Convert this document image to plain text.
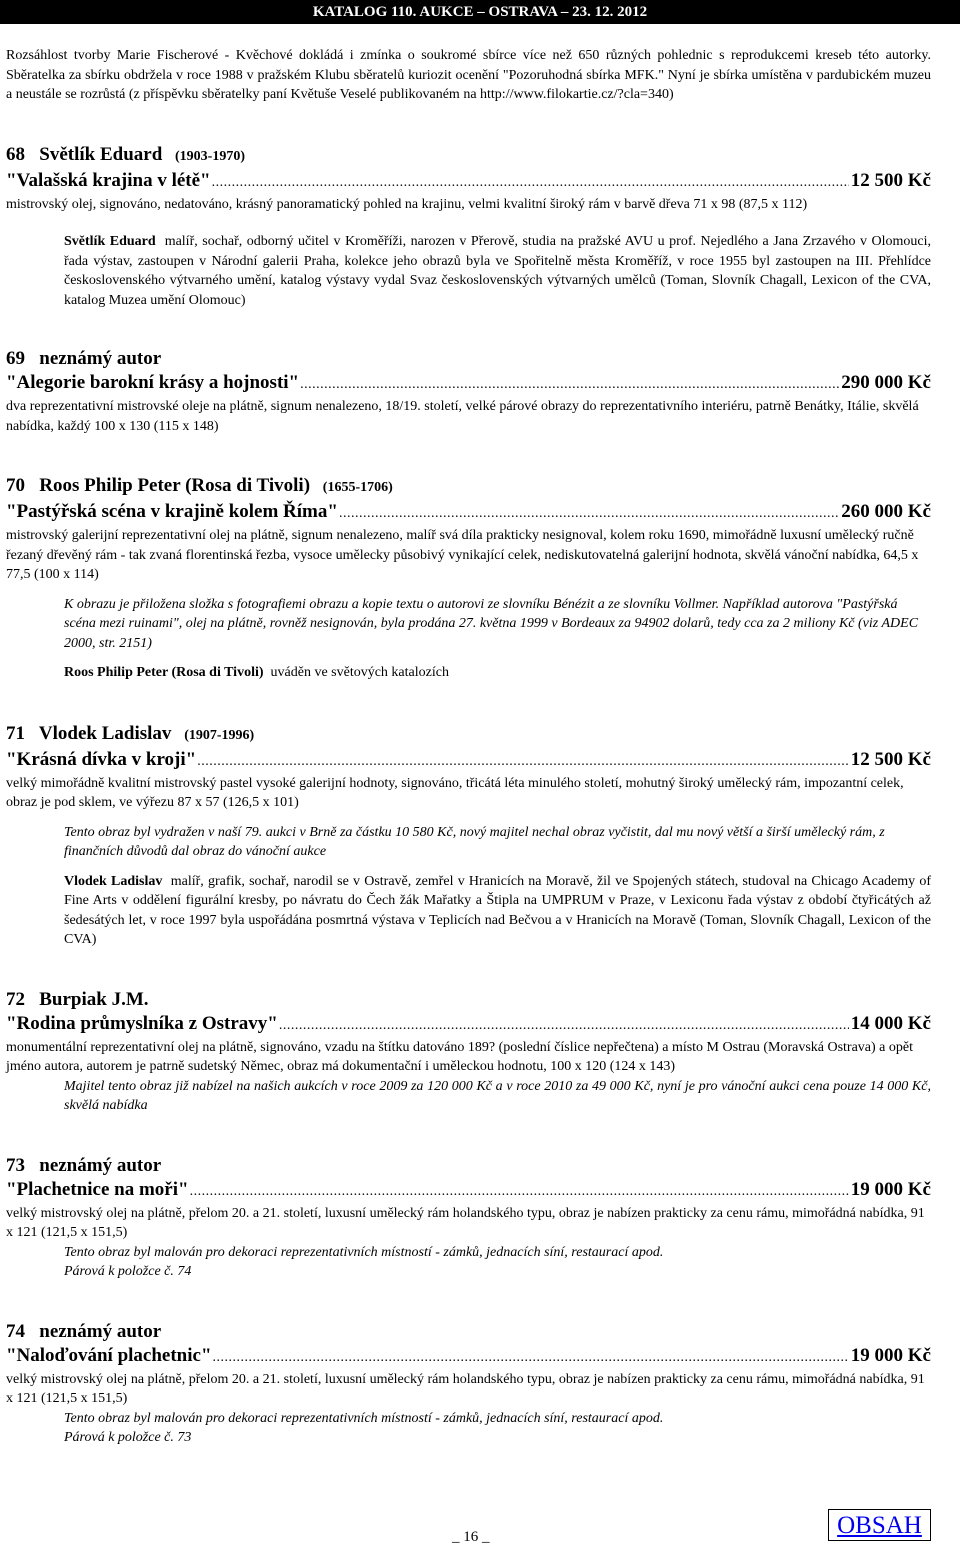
KATALOG 110. AUKCE – OSTRAVA – 23. 12. 2012

Rozsáhlost tvorby Marie Fischerové - Kvěchové dokládá i zmínka o soukromé sbírce více než 650 různých pohlednic s reprodukcemi kreseb této autorky. Sběratelka za sbírku obdržela v roce 1988 v pražském Klubu sběratelů kuriozit ocenění "Pozoruhodná sbírka MFK." Nyní je sbírka umístěna v pardubickém muzeu a neustále se rozrůstá (z příspěvku sběratelky paní Květuše Veselé publikovaném na http://www.filokartie.cz/?cla=340)

68 Světlík Eduard (1903-1970)
"Valašská krajina v létě" .....	12 500 Kč

mistrovský olej, signováno, nedatováno, krásný panoramatický pohled na krajinu, velmi kvalitní široký rám v barvě dřeva 71 x 98 (87,5 x 112)

Světlík Eduard malíř, sochař, odborný učitel v Kroměříži, narozen v Přerově, studia na pražské AVU u prof. Nejedlého a Jana Zrzavého v Olomouci, řada výstav, zastoupen v Národní galerii Praha, kolekce jeho obrazů byla ve Spořitelně města Kroměříž, v roce 1955 byl zastoupen na III. Přehlídce československého výtvarného umění, katalog výstavy vydal Svaz československých výtvarných umělců (Toman, Slovník Chagall, Lexicon of the CVA, katalog Muzea umění Olomouc)

69 neznámý autor
"Alegorie barokní krásy a hojnosti" .....	290 000 Kč

dva reprezentativní mistrovské oleje na plátně, signum nenalezeno, 18/19. století, velké párové obrazy do reprezentativního interiéru, patrně Benátky, Itálie, skvělá nabídka, každý 100 x 130 (115 x 148)

70 Roos Philip Peter (Rosa di Tivoli) (1655-1706)
"Pastýřská scéna v krajině kolem Říma" .....	260 000 Kč

mistrovský galerijní reprezentativní olej na plátně, signum nenalezeno, malíř svá díla prakticky nesignoval, kolem roku 1690, mimořádně luxusní umělecký ručně řezaný dřevěný rám - tak zvaná florentinská řezba, vysoce umělecky působivý vynikající celek, nediskutovatelná galerijní hodnota, skvělá vánoční nabídka, 64,5 x 77,5 (100 x 114)

K obrazu je přiložena složka s fotografiemi obrazu a kopie textu o autorovi ze slovníku Bénézit a ze slovníku Vollmer. Například autorova "Pastýřská scéna mezi ruinami", olej na plátně, rovněž nesignován, byla prodána 27. května 1999 v Bordeaux za 94902 dolarů, tedy cca za 2 miliony Kč (viz ADEC 2000, str. 2151)

Roos Philip Peter (Rosa di Tivoli) uváděn ve světových katalozích

71 Vlodek Ladislav (1907-1996)
"Krásná dívka v kroji" .....	12 500 Kč

velký mimořádně kvalitní mistrovský pastel vysoké galerijní hodnoty, signováno, třicátá léta minulého století, mohutný široký umělecký rám, impozantní celek, obraz je pod sklem, ve výřezu 87 x 57 (126,5 x 101)

Tento obraz byl vydražen v naší 79. aukci v Brně za částku 10 580 Kč, nový majitel nechal obraz vyčistit, dal mu nový větší a širší umělecký rám, z finančních důvodů dal obraz do vánoční aukce

Vlodek Ladislav malíř, grafik, sochař, narodil se v Ostravě, zemřel v Hranicích na Moravě, žil ve Spojených státech, studoval na Chicago Academy of Fine Arts v oddělení figurální kresby, po návratu do Čech žák Mařatky a Štipla na UMPRUM v Praze, v Lexiconu řada výstav z období čtyřicátých až šedesátých let, v roce 1997 byla uspořádána posmrtná výstava v Teplicích nad Bečvou a v Hranicích na Moravě (Toman, Slovník Chagall, Lexicon of the CVA)

72 Burpiak J.M.
"Rodina průmyslníka z Ostravy" .....	14 000 Kč

monumentální reprezentativní olej na plátně, signováno, vzadu na štítku datováno 189? (poslední číslice nepřečtena) a místo M Ostrau (Moravská Ostrava) a opět jméno autora, autorem je patrně sudetský Němec, obraz má dokumentační i uměleckou hodnotu, 100 x 120 (124 x 143)

Majitel tento obraz již nabízel na našich aukcích v roce 2009 za 120 000 Kč a v roce 2010 za 49 000 Kč, nyní je pro vánoční aukci cena pouze 14 000 Kč, skvělá nabídka

73 neznámý autor
"Plachetnice na moři" .....	19 000 Kč

velký mistrovský olej na plátně, přelom 20. a 21. století, luxusní umělecký rám holandského typu, obraz je nabízen prakticky za cenu rámu, mimořádná nabídka, 91 x 121 (121,5 x 151,5)

Tento obraz byl malován pro dekoraci reprezentativních místností - zámků, jednacích síní, restaurací apod.

Párová k položce č. 74

74 neznámý autor
"Naloďování plachetnic" .....	19 000 Kč

velký mistrovský olej na plátně, přelom 20. a 21. století, luxusní umělecký rám holandského typu, obraz je nabízen prakticky za cenu rámu, mimořádná nabídka, 91 x 121 (121,5 x 151,5)

Tento obraz byl malován pro dekoraci reprezentativních místností - zámků, jednacích síní, restaurací apod.

Párová k položce č. 73

_ 16 _	OBSAH
